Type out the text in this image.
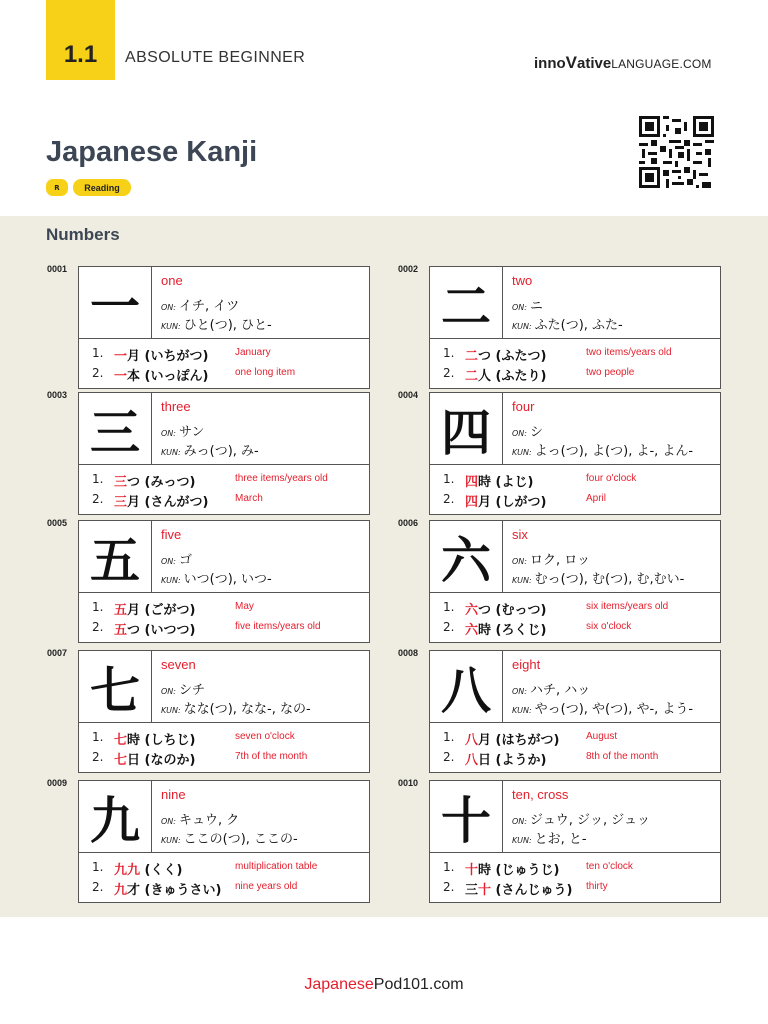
1.1 ABSOLUTE BEGINNER	innoVativeLANGUAGE.COM
Japanese Kanji
R	Reading
Numbers
0001
一	one
ON: イチ, イツ
KUN: ひと(つ), ひと-
1. 一月 (いちがつ)	January
2. 一本 (いっぽん)	one long item
0002
二	two
ON: ニ
KUN: ふた(つ), ふた-
1. 二つ (ふたつ)	two items/years old
2. 二人 (ふたり)	two people
0003
三	three
ON: サン
KUN: みっ(つ), み-
1. 三つ (みっつ)	three items/years old
2. 三月 (さんがつ)	March
0004
四	four
ON: シ
KUN: よっ(つ), よ(つ), よ-, よん-
1. 四時 (よじ)	four o'clock
2. 四月 (しがつ)	April
0005
五	five
ON: ゴ
KUN: いつ(つ), いつ-
1. 五月 (ごがつ)	May
2. 五つ (いつつ)	five items/years old
0006
六	six
ON: ロク, ロッ
KUN: むっ(つ), む(つ), む,むい-
1. 六つ (むっつ)	six items/years old
2. 六時 (ろくじ)	six o'clock
0007
七	seven
ON: シチ
KUN: なな(つ), なな-, なの-
1. 七時 (しちじ)	seven o'clock
2. 七日 (なのか)	7th of the month
0008
八	eight
ON: ハチ, ハッ
KUN: やっ(つ), や(つ), や-, よう-
1. 八月 (はちがつ)	August
2. 八日 (ようか)	8th of the month
0009
九	nine
ON: キュウ, ク
KUN: ここの(つ), ここの-
1. 九九 (くく)	multiplication table
2. 九才 (きゅうさい) nine years old
0010
十	ten, cross
ON: ジュウ, ジッ, ジュッ
KUN: とお, と-
1. 十時 (じゅうじ)	ten o'clock
2. 三十 (さんじゅう) thirty
JapanesePod101.com
